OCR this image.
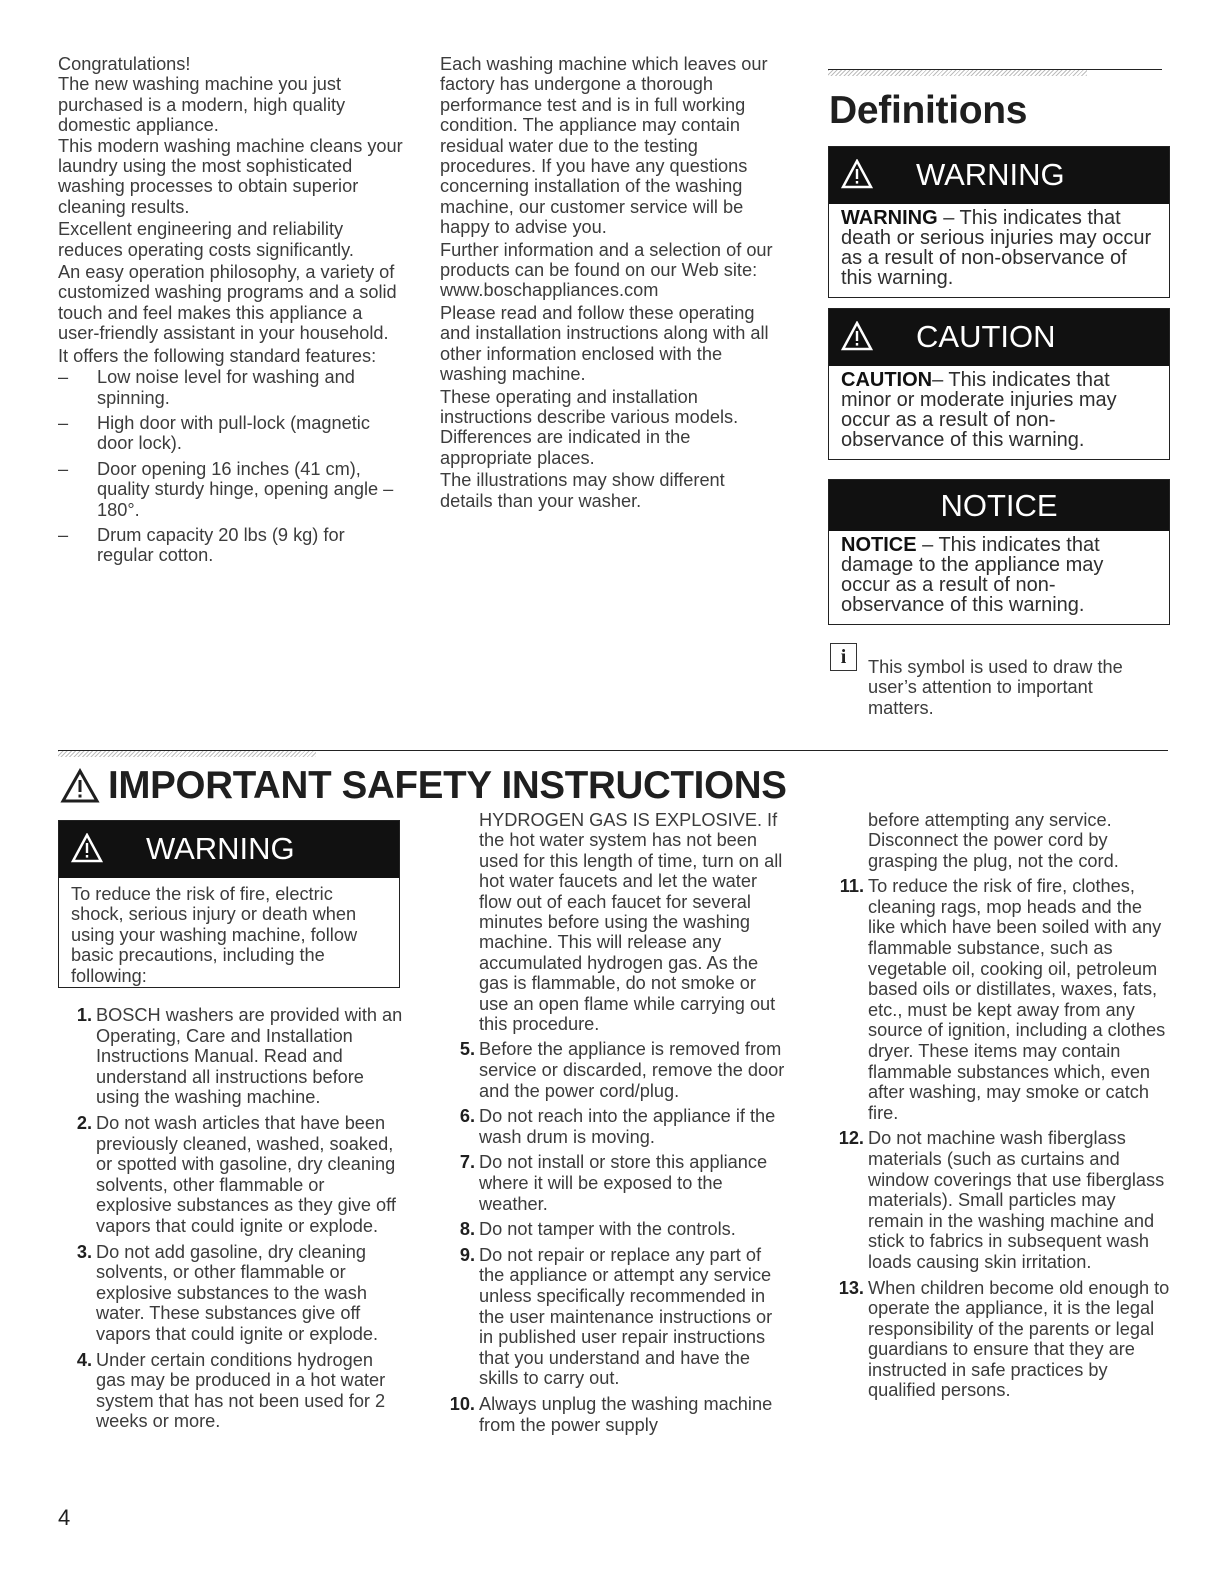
Congratulations!

The new washing machine you just purchased is a modern, high quality domestic appliance.

This modern washing machine cleans your laundry using the most sophisticated washing processes to obtain superior cleaning results.

Excellent engineering and reliability reduces operating costs significantly.

An easy operation philosophy, a variety of customized washing programs and a solid touch and feel makes this appliance a user-friendly assistant in your household.

It offers the following standard features:

– Low noise level for washing and spinning.
– High door with pull-lock (magnetic door lock).
– Door opening 16 inches (41 cm), quality sturdy hinge, opening angle –180°.
– Drum capacity 20 lbs (9 kg) for regular cotton.

Each washing machine which leaves our factory has undergone a thorough performance test and is in full working condition. The appliance may contain residual water due to the testing procedures. If you have any questions concerning installation of the washing machine, our customer service will be happy to advise you.

Further information and a selection of our products can be found on our Web site: www.boschappliances.com

Please read and follow these operating and installation instructions along with all other information enclosed with the washing machine.

These operating and installation instructions describe various models. Differences are indicated in the appropriate places.

The illustrations may show different details than your washer.

Definitions
WARNING
WARNING – This indicates that death or serious injuries may occur as a result of non-observance of this warning.
CAUTION
CAUTION– This indicates that minor or moderate injuries may occur as a result of non-observance of this warning.
NOTICE
NOTICE – This indicates that damage to the appliance may occur as a result of non-observance of this warning.
i	This symbol is used to draw the user’s attention to important matters.
IMPORTANT SAFETY INSTRUCTIONS
WARNING
To reduce the risk of fire, electric shock, serious injury or death when using your washing machine, follow basic precautions, including the following:
1. BOSCH washers are provided with an Operating, Care and Installation Instructions Manual. Read and understand all instructions before using the washing machine.
2. Do not wash articles that have been previously cleaned, washed, soaked, or spotted with gasoline, dry cleaning solvents, other flammable or explosive substances as they give off vapors that could ignite or explode.
3. Do not add gasoline, dry cleaning solvents, or other flammable or explosive substances to the wash water. These substances give off vapors that could ignite or explode.
4. Under certain conditions hydrogen gas may be produced in a hot water system that has not been used for 2 weeks or more.
HYDROGEN GAS IS EXPLOSIVE. If the hot water system has not been used for this length of time, turn on all hot water faucets and let the water flow out of each faucet for several minutes before using the washing machine. This will release any accumulated hydrogen gas. As the gas is flammable, do not smoke or use an open flame while carrying out this procedure.
5. Before the appliance is removed from service or discarded, remove the door and the power cord/plug.
6. Do not reach into the appliance if the wash drum is moving.
7. Do not install or store this appliance where it will be exposed to the weather.
8. Do not tamper with the controls.
9. Do not repair or replace any part of the appliance or attempt any service unless specifically recommended in the user maintenance instructions or in published user repair instructions that you understand and have the skills to carry out.
10. Always unplug the washing machine from the power supply
before attempting any service. Disconnect the power cord by grasping the plug, not the cord.
11. To reduce the risk of fire, clothes, cleaning rags, mop heads and the like which have been soiled with any flammable substance, such as vegetable oil, cooking oil, petroleum based oils or distillates, waxes, fats, etc., must be kept away from any source of ignition, including a clothes dryer. These items may contain flammable substances which, even after washing, may smoke or catch fire.
12. Do not machine wash fiberglass materials (such as curtains and window coverings that use fiberglass materials). Small particles may remain in the washing machine and stick to fabrics in subsequent wash loads causing skin irritation.
13. When children become old enough to operate the appliance, it is the legal responsibility of the parents or legal guardians to ensure that they are instructed in safe practices by qualified persons.
4
